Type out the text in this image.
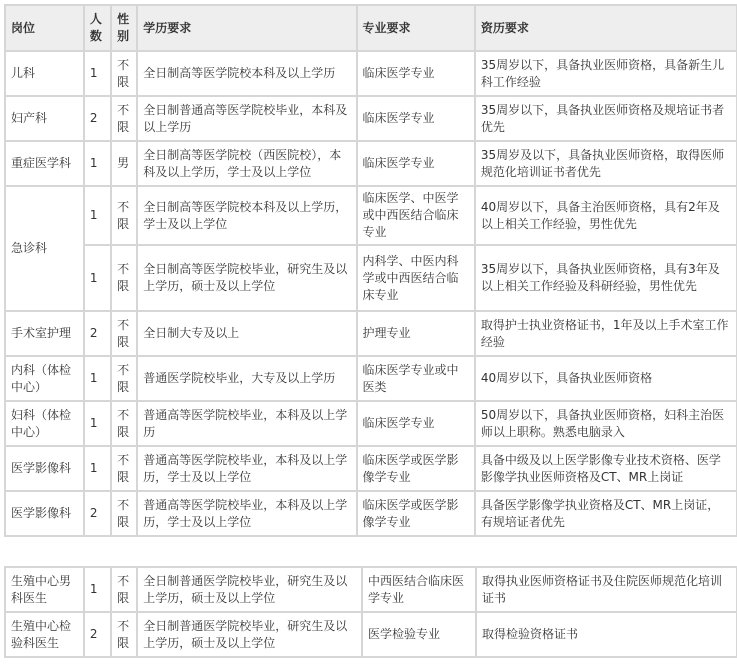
岗位	人数	性别	学历要求	专业要求	资历要求
儿科	1	不限	全日制高等医学院校本科及以上学历	临床医学专业	35周岁以下，具备执业医师资格，具备新生儿科工作经验
妇产科	2	不限	全日制普通高等医学院校毕业，本科及以上学历	临床医学专业	35周岁以下，具备执业医师资格及规培证书者优先
重症医学科	1	男	全日制高等医学院校（西医院校），本科及以上学历，学士及以上学位	临床医学专业	35周岁及以下，具备执业医师资格，取得医师规范化培训证书者优先
急诊科	1	不限	全日制高等医学院校本科及以上学历，学士及以上学位	临床医学、中医学或中西医结合临床专业	40周岁以下，具备主治医师资格，具有2年及以上相关工作经验，男性优先
	1	不限	全日制高等医学院校毕业，研究生及以上学历，硕士及以上学位	内科学、中医内科学或中西医结合临床专业	35周岁以下，具备执业医师资格，具有3年及以上相关工作经验及科研经验，男性优先
手术室护理	2	不限	全日制大专及以上	护理专业	取得护士执业资格证书，1年及以上手术室工作经验
内科（体检中心）	1	不限	普通医学院校毕业，大专及以上学历	临床医学专业或中医类	40周岁以下，具备执业医师资格
妇科（体检中心）	1	不限	普通高等医学院校毕业，本科及以上学历	临床医学专业	50周岁以下，具备执业医师资格，妇科主治医师以上职称。熟悉电脑录入
医学影像科	1	不限	普通高等医学院校毕业，本科及以上学历，学士及以上学位	临床医学或医学影像学专业	具备中级及以上医学影像专业技术资格、医学影像学执业医师资格及CT、MR上岗证
医学影像科	2	不限	普通高等医学院校毕业，本科及以上学历，学士及以上学位	临床医学或医学影像学专业	具备医学影像学执业资格及CT、MR上岗证，有规培证者优先
生殖中心男科医生	1	不限	全日制普通医学院校毕业，研究生及以上学历，硕士及以上学位	中西医结合临床医学专业	取得执业医师资格证书及住院医师规范化培训证书
生殖中心检验科医生	2	不限	全日制普通医学院校毕业，研究生及以上学历，硕士及以上学位	医学检验专业	取得检验资格证书
